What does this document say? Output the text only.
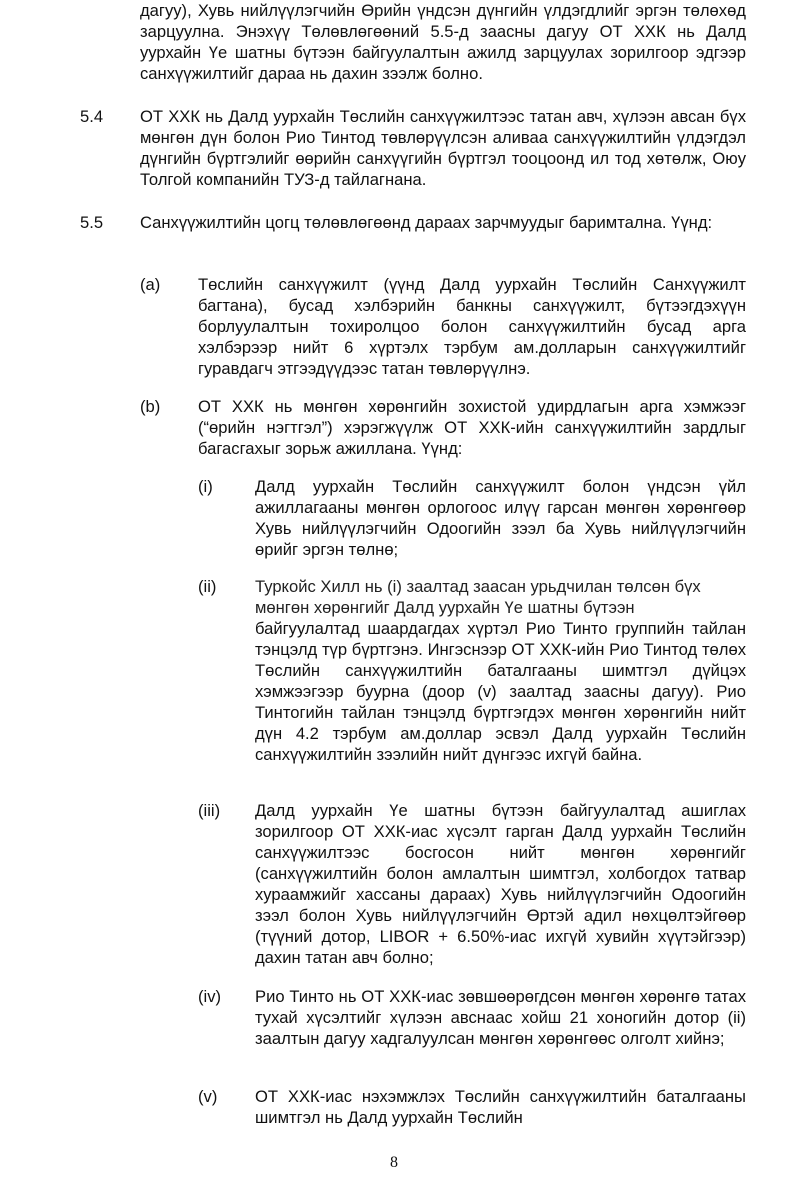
дагуу), Хувь нийлүүлэгчийн Өрийн үндсэн дүнгийн үлдэгдлийг эргэн төлөхөд зарцуулна. Энэхүү Төлөвлөгөөний 5.5-д заасны дагуу ОТ ХХК нь Далд уурхайн Үе шатны бүтээн байгуулалтын ажилд зарцуулах зорилгоор эдгээр санхүүжилтийг дараа нь дахин зээлж болно.

5.4 ОТ ХХК нь Далд уурхайн Төслийн санхүүжилтээс татан авч, хүлээн авсан бүх мөнгөн дүн болон Рио Тинтод төвлөрүүлсэн аливаа санхүүжилтийн үлдэгдэл дүнгийн бүртгэлийг өөрийн санхүүгийн бүртгэл тооцоонд ил тод хөтөлж, Оюу Толгой компанийн ТУЗ-д тайлагнана.

5.5 Санхүүжилтийн цогц төлөвлөгөөнд дараах зарчмуудыг баримтална. Үүнд:

(a) Төслийн санхүүжилт (үүнд Далд уурхайн Төслийн Санхүүжилт багтана), бусад хэлбэрийн банкны санхүүжилт, бүтээгдэхүүн борлуулалтын тохиролцоо болон санхүүжилтийн бусад арга хэлбэрээр нийт 6 хүртэлх тэрбум ам.долларын санхүүжилтийг гуравдагч этгээдүүдээс татан төвлөрүүлнэ.

(b) ОТ ХХК нь мөнгөн хөрөнгийн зохистой удирдлагын арга хэмжээг (“өрийн нэгтгэл”) хэрэгжүүлж ОТ ХХК-ийн санхүүжилтийн зардлыг багасгахыг зорьж ажиллана. Үүнд:

(i)	Далд уурхайн Төслийн санхүүжилт болон үндсэн үйл ажиллагааны мөнгөн орлогоос илүү гарсан мөнгөн хөрөнгөөр Хувь нийлүүлэгчийн Одоогийн зээл ба Хувь нийлүүлэгчийн өрийг эргэн төлнө;

(ii) Туркойс Хилл нь (i) заалтад заасан урьдчилан төлсөн бүх

мөнгөн хөрөнгийг Далд уурхайн Үе шатны бүтээн

байгуулалтад шаардагдах хүртэл Рио Тинто группийн тайлан тэнцэлд түр бүртгэнэ. Ингэснээр ОТ ХХК-ийн Рио Тинтод төлөх Төслийн санхүүжилтийн баталгааны шимтгэл дүйцэх хэмжээгээр буурна (доор (v) заалтад заасны дагуу). Рио Тинтогийн тайлан тэнцэлд бүртгэгдэх мөнгөн хөрөнгийн нийт дүн 4.2 тэрбум ам.доллар эсвэл Далд уурхайн Төслийн санхүүжилтийн зээлийн нийт дүнгээс ихгүй байна.

(iii) Далд уурхайн Үе шатны бүтээн байгуулалтад ашиглах зорилгоор ОТ ХХК-иас хүсэлт гарган Далд уурхайн Төслийн санхүүжилтээс босгосон нийт мөнгөн хөрөнгийг (санхүүжилтийн болон амлалтын шимтгэл, холбогдох татвар хураамжийг хассаны дараах) Хувь нийлүүлэгчийн Одоогийн зээл болон Хувь нийлүүлэгчийн Өртэй адил нөхцөлтэйгөөр (түүний дотор, LIBOR + 6.50%-иас ихгүй хувийн хүүтэйгээр) дахин татан авч болно;

(iv) Рио Тинто нь ОТ ХХК-иас зөвшөөрөгдсөн мөнгөн хөрөнгө татах тухай хүсэлтийг хүлээн авснаас хойш 21 хоногийн дотор (ii) заалтын дагуу хадгалуулсан мөнгөн хөрөнгөөс олголт хийнэ;

(v) ОТ ХХК-иас нэхэмжлэх Төслийн санхүүжилтийн баталгааны шимтгэл нь Далд уурхайн Төслийн

8
